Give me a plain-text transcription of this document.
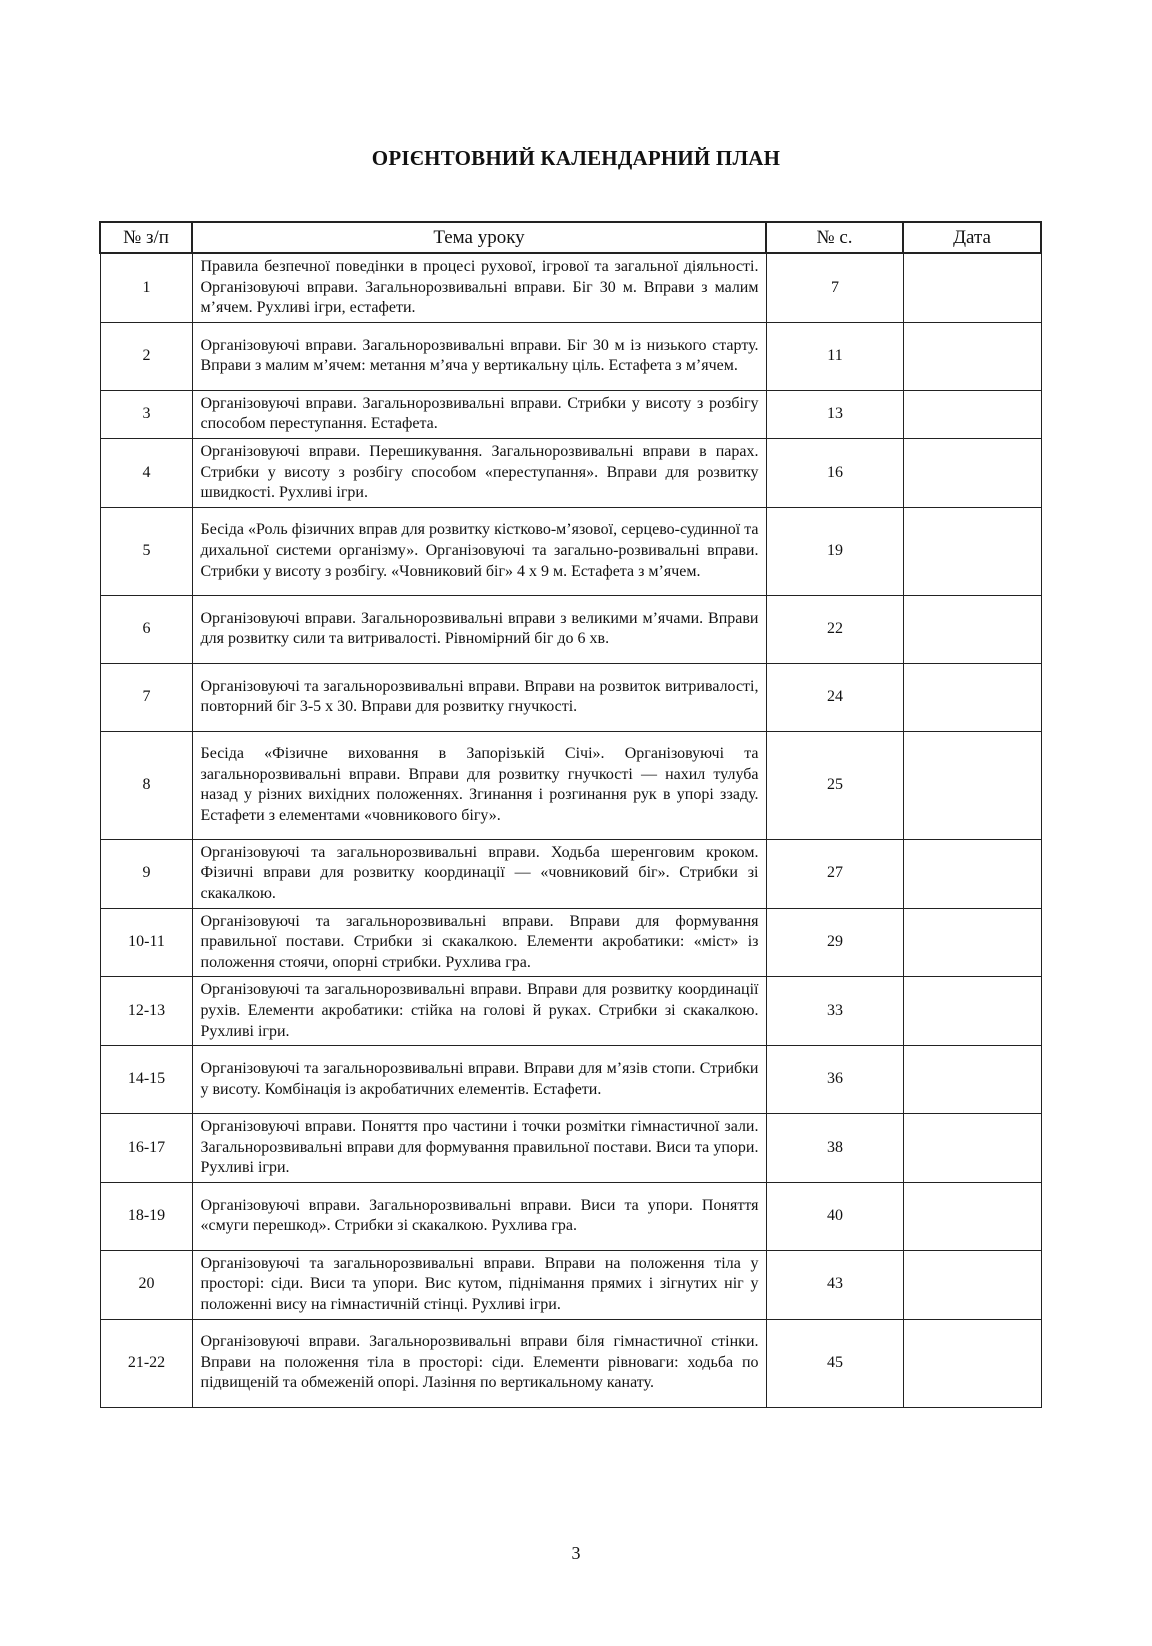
ОРІЄНТОВНИЙ КАЛЕНДАРНИЙ ПЛАН
№ з/п	Тема уроку	№ с.	Дата
1	Правила безпечної поведінки в процесі рухової, ігрової та загальної діяльності. Організовуючі вправи. Загальнорозвивальні вправи. Біг 30 м. Вправи з малим м’ячем. Рухливі ігри, естафети.	7	
2	Організовуючі вправи. Загальнорозвивальні вправи. Біг 30 м із низького старту. Вправи з малим м’ячем: метання м’яча у вертикальну ціль. Естафета з м’ячем.	11	
3	Організовуючі вправи. Загальнорозвивальні вправи. Стрибки у висоту з розбігу способом переступання. Естафета.	13	
4	Організовуючі вправи. Перешикування. Загальнорозвивальні вправи в парах. Стрибки у висоту з розбігу способом «переступання». Вправи для розвитку швидкості. Рухливі ігри.	16	
5	Бесіда «Роль фізичних вправ для розвитку кістково-м’язової, серцево-судинної та дихальної системи організму». Організовуючі та загально-розвивальні вправи. Стрибки у висоту з розбігу. «Човниковий біг» 4 х 9 м. Естафета з м’ячем.	19	
6	Організовуючі вправи. Загальнорозвивальні вправи з великими м’ячами. Вправи для розвитку сили та витривалості. Рівномірний біг до 6 хв.	22	
7	Організовуючі та загальнорозвивальні вправи. Вправи на розвиток витривалості, повторний біг 3-5 х 30. Вправи для розвитку гнучкості.	24	
8	Бесіда «Фізичне виховання в Запорізькій Січі». Організовуючі та загальнорозвивальні вправи. Вправи для розвитку гнучкості — нахил тулуба назад у різних вихідних положеннях. Згинання і розгинання рук в упорі ззаду. Естафети з елементами «човникового бігу».	25	
9	Організовуючі та загальнорозвивальні вправи. Ходьба шеренговим кроком. Фізичні вправи для розвитку координації — «човниковий біг». Стрибки зі скакалкою.	27	
10-11	Організовуючі та загальнорозвивальні вправи. Вправи для формування правильної постави. Стрибки зі скакалкою. Елементи акробатики: «міст» із положення стоячи, опорні стрибки. Рухлива гра.	29	
12-13	Організовуючі та загальнорозвивальні вправи. Вправи для розвитку координації рухів. Елементи акробатики: стійка на голові й руках. Стрибки зі скакалкою. Рухливі ігри.	33	
14-15	Організовуючі та загальнорозвивальні вправи. Вправи для м’язів стопи. Стрибки у висоту. Комбінація із акробатичних елементів. Естафети.	36	
16-17	Організовуючі вправи. Поняття про частини і точки розмітки гімнастичної зали. Загальнорозвивальні вправи для формування правильної постави. Виси та упори. Рухливі ігри.	38	
18-19	Організовуючі вправи. Загальнорозвивальні вправи. Виси та упори. Поняття «смуги перешкод». Стрибки зі скакалкою. Рухлива гра.	40	
20	Організовуючі та загальнорозвивальні вправи. Вправи на положення тіла у просторі: сіди. Виси та упори. Вис кутом, піднімання прямих і зігнутих ніг у положенні вису на гімнастичній стінці. Рухливі ігри.	43	
21-22	Організовуючі вправи. Загальнорозвивальні вправи біля гімнастичної стінки. Вправи на положення тіла в просторі: сіди. Елементи рівноваги: ходьба по підвищеній та обмеженій опорі. Лазіння по вертикальному канату.	45	
3
